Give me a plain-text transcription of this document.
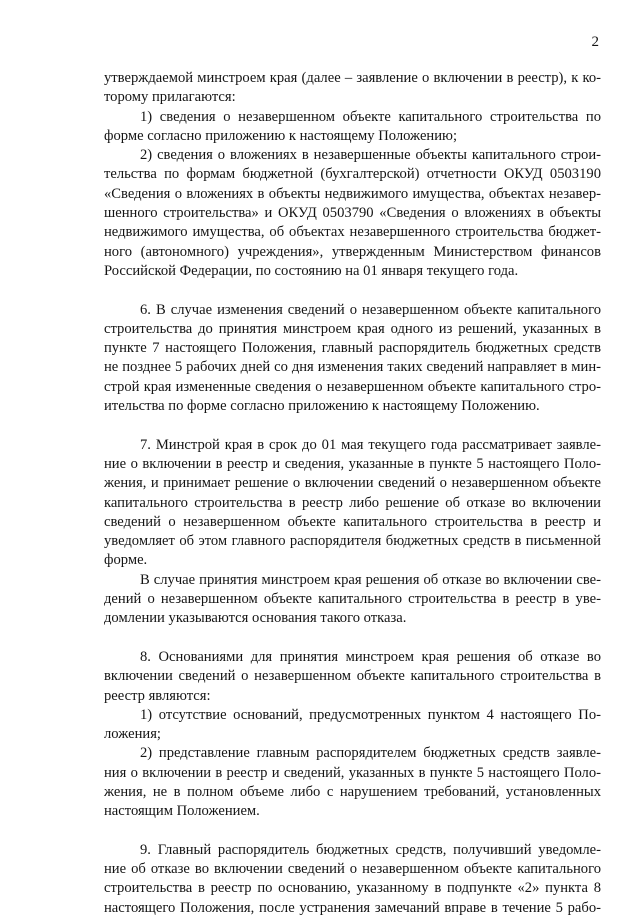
2
утверждаемой минстроем края (далее – заявление о включении в реестр), к ко-
торому прилагаются:
1) сведения о незавершенном объекте капитального строительства по
форме согласно приложению к настоящему Положению;
2) сведения о вложениях в незавершенные объекты капитального строи-
тельства по формам бюджетной (бухгалтерской) отчетности ОКУД 0503190
«Сведения о вложениях в объекты недвижимого имущества, объектах незавер-
шенного строительства» и ОКУД 0503790 «Сведения о вложениях в объекты
недвижимого имущества, об объектах незавершенного строительства бюджет-
ного (автономного) учреждения», утвержденным Министерством финансов
Российской Федерации, по состоянию на 01 января текущего года.
6. В случае изменения сведений о незавершенном объекте капитального
строительства до принятия минстроем края одного из решений, указанных в
пункте 7 настоящего Положения, главный распорядитель бюджетных средств
не позднее 5 рабочих дней со дня изменения таких сведений направляет в мин-
строй края измененные сведения о незавершенном объекте капитального стро-
ительства по форме согласно приложению к настоящему Положению.
7. Минстрой края в срок до 01 мая текущего года рассматривает заявле-
ние о включении в реестр и сведения, указанные в пункте 5 настоящего Поло-
жения, и принимает решение о включении сведений о незавершенном объекте
капитального строительства в реестр либо решение об отказе во включении
сведений о незавершенном объекте капитального строительства в реестр и
уведомляет об этом главного распорядителя бюджетных средств в письменной
форме.
В случае принятия минстроем края решения об отказе во включении све-
дений о незавершенном объекте капитального строительства в реестр в уве-
домлении указываются основания такого отказа.
8. Основаниями для принятия минстроем края решения об отказе во
включении сведений о незавершенном объекте капитального строительства в
реестр являются:
1) отсутствие оснований, предусмотренных пунктом 4 настоящего По-
ложения;
2) представление главным распорядителем бюджетных средств заявле-
ния о включении в реестр и сведений, указанных в пункте 5 настоящего Поло-
жения, не в полном объеме либо с нарушением требований, установленных
настоящим Положением.
9. Главный распорядитель бюджетных средств, получивший уведомле-
ние об отказе во включении сведений о незавершенном объекте капитального
строительства в реестр по основанию, указанному в подпункте «2» пункта 8
настоящего Положения, после устранения замечаний вправе в течение 5 рабо-
